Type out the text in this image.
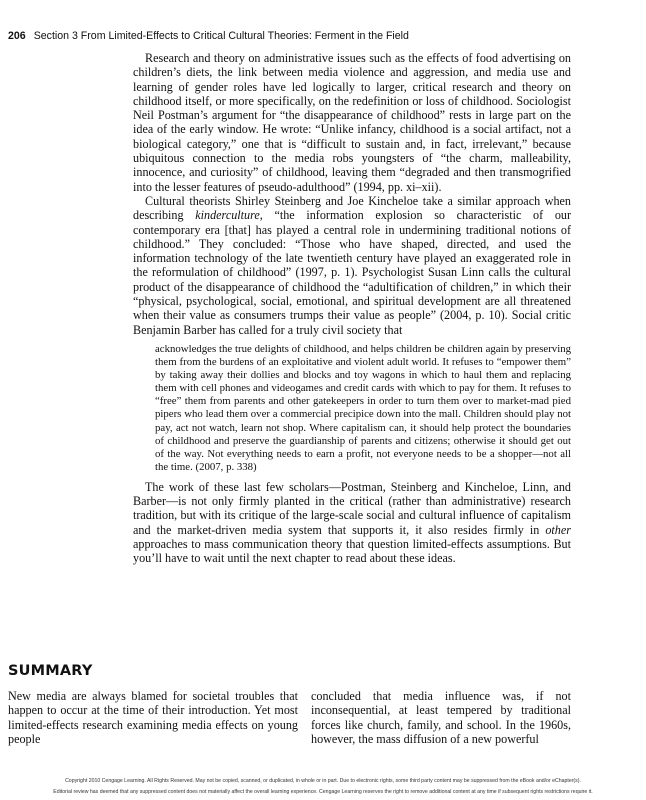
206 Section 3 From Limited-Effects to Critical Cultural Theories: Ferment in the Field

Research and theory on administrative issues such as the effects of food advertising on children’s diets, the link between media violence and aggression, and media use and learning of gender roles have led logically to larger, critical research and theory on childhood itself, or more specifically, on the redefinition or loss of childhood. Sociologist Neil Postman’s argument for “the disappearance of childhood” rests in large part on the idea of the early window. He wrote: “Unlike infancy, childhood is a social artifact, not a biological category,” one that is “difficult to sustain and, in fact, irrelevant,” because ubiquitous connection to the media robs youngsters of “the charm, malleability, innocence, and curiosity” of childhood, leaving them “degraded and then transmogrified into the lesser features of pseudo-adulthood” (1994, pp. xi–xii).

Cultural theorists Shirley Steinberg and Joe Kincheloe take a similar approach when describing kinderculture, “the information explosion so characteristic of our contemporary era [that] has played a central role in undermining traditional notions of childhood.” They concluded: “Those who have shaped, directed, and used the information technology of the late twentieth century have played an exaggerated role in the reformulation of childhood” (1997, p. 1). Psychologist Susan Linn calls the cultural product of the disappearance of childhood the “adultification of children,” in which their “physical, psychological, social, emotional, and spiritual development are all threatened when their value as consumers trumps their value as people” (2004, p. 10). Social critic Benjamin Barber has called for a truly civil society that

acknowledges the true delights of childhood, and helps children be children again by preserving them from the burdens of an exploitative and violent adult world. It refuses to “empower them” by taking away their dollies and blocks and toy wagons in which to haul them and replacing them with cell phones and videogames and credit cards with which to pay for them. It refuses to “free” them from parents and other gatekeepers in order to turn them over to market-mad pied pipers who lead them over a commercial precipice down into the mall. Children should play not pay, act not watch, learn not shop. Where capitalism can, it should help protect the boundaries of childhood and preserve the guardianship of parents and citizens; otherwise it should get out of the way. Not everything needs to earn a profit, not everyone needs to be a shopper—not all the time. (2007, p. 338)

The work of these last few scholars—Postman, Steinberg and Kincheloe, Linn, and Barber—is not only firmly planted in the critical (rather than administrative) research tradition, but with its critique of the large-scale social and cultural influence of capitalism and the market-driven media system that supports it, it also resides firmly in other approaches to mass communication theory that question limited-effects assumptions. But you’ll have to wait until the next chapter to read about these ideas.

SUMMARY

New media are always blamed for societal troubles that happen to occur at the time of their introduction. Yet most limited-effects research examining media effects on young people

concluded that media influence was, if not inconsequential, at least tempered by traditional forces like church, family, and school. In the 1960s, however, the mass diffusion of a new powerful

Copyright 2010 Cengage Learning. All Rights Reserved. May not be copied, scanned, or duplicated, in whole or in part. Due to electronic rights, some third party content may be suppressed from the eBook and/or eChapter(s).
Editorial review has deemed that any suppressed content does not materially affect the overall learning experience. Cengage Learning reserves the right to remove additional content at any time if subsequent rights restrictions require it.
